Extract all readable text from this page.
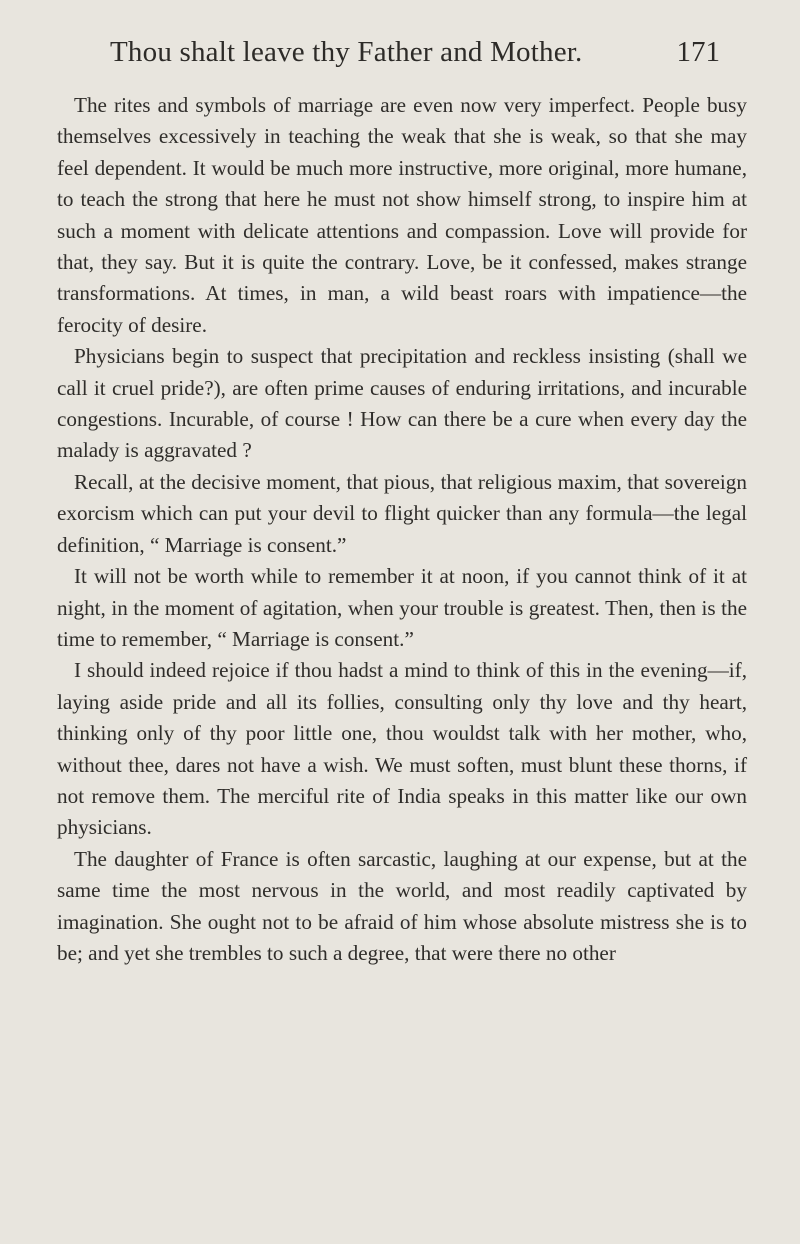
Thou shalt leave thy Father and Mother.	171

The rites and symbols of marriage are even now very imperfect. People busy themselves excessively in teaching the weak that she is weak, so that she may feel dependent. It would be much more instructive, more original, more humane, to teach the strong that here he must not show himself strong, to inspire him at such a moment with delicate attentions and compassion. Love will provide for that, they say. But it is quite the contrary. Love, be it confessed, makes strange transformations. At times, in man, a wild beast roars with impatience—the ferocity of desire.

Physicians begin to suspect that precipitation and reckless insisting (shall we call it cruel pride?), are often prime causes of enduring irritations, and incurable congestions. Incurable, of course ! How can there be a cure when every day the malady is aggravated ?

Recall, at the decisive moment, that pious, that religious maxim, that sovereign exorcism which can put your devil to flight quicker than any formula—the legal definition, “ Marriage is consent.”

It will not be worth while to remember it at noon, if you cannot think of it at night, in the moment of agitation, when your trouble is greatest. Then, then is the time to remember, “ Marriage is consent.”

I should indeed rejoice if thou hadst a mind to think of this in the evening—if, laying aside pride and all its follies, consulting only thy love and thy heart, thinking only of thy poor little one, thou wouldst talk with her mother, who, without thee, dares not have a wish. We must soften, must blunt these thorns, if not remove them. The merciful rite of India speaks in this matter like our own physicians.

The daughter of France is often sarcastic, laughing at our expense, but at the same time the most nervous in the world, and most readily captivated by imagination. She ought not to be afraid of him whose absolute mistress she is to be; and yet she trembles to such a degree, that were there no other
